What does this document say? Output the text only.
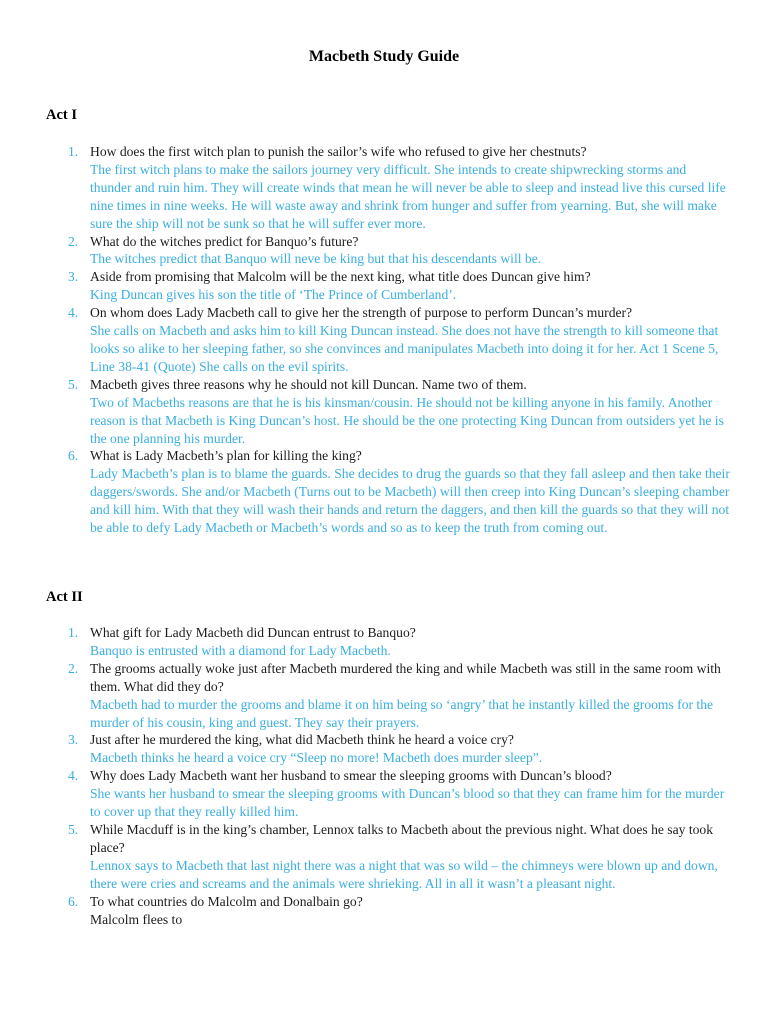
Macbeth Study Guide
Act I
1. How does the first witch plan to punish the sailor’s wife who refused to give her chestnuts?
The first witch plans to make the sailors journey very difficult. She intends to create shipwrecking storms and thunder and ruin him. They will create winds that mean he will never be able to sleep and instead live this cursed life nine times in nine weeks. He will waste away and shrink from hunger and suffer from yearning. But, she will make sure the ship will not be sunk so that he will suffer ever more.
2. What do the witches predict for Banquo’s future?
The witches predict that Banquo will neve be king but that his descendants will be.
3. Aside from promising that Malcolm will be the next king, what title does Duncan give him?
King Duncan gives his son the title of ‘The Prince of Cumberland’.
4. On whom does Lady Macbeth call to give her the strength of purpose to perform Duncan’s murder?
She calls on Macbeth and asks him to kill King Duncan instead. She does not have the strength to kill someone that looks so alike to her sleeping father, so she convinces and manipulates Macbeth into doing it for her. Act 1 Scene 5, Line 38-41 (Quote) She calls on the evil spirits.
5. Macbeth gives three reasons why he should not kill Duncan. Name two of them.
Two of Macbeths reasons are that he is his kinsman/cousin. He should not be killing anyone in his family. Another reason is that Macbeth is King Duncan’s host. He should be the one protecting King Duncan from outsiders yet he is the one planning his murder.
6. What is Lady Macbeth’s plan for killing the king?
Lady Macbeth’s plan is to blame the guards. She decides to drug the guards so that they fall asleep and then take their daggers/swords. She and/or Macbeth (Turns out to be Macbeth) will then creep into King Duncan’s sleeping chamber and kill him. With that they will wash their hands and return the daggers, and then kill the guards so that they will not be able to defy Lady Macbeth or Macbeth’s words and so as to keep the truth from coming out.
Act II
1. What gift for Lady Macbeth did Duncan entrust to Banquo?
Banquo is entrusted with a diamond for Lady Macbeth.
2. The grooms actually woke just after Macbeth murdered the king and while Macbeth was still in the same room with them. What did they do?
Macbeth had to murder the grooms and blame it on him being so ‘angry’ that he instantly killed the grooms for the murder of his cousin, king and guest. They say their prayers.
3. Just after he murdered the king, what did Macbeth think he heard a voice cry?
Macbeth thinks he heard a voice cry “Sleep no more! Macbeth does murder sleep”.
4. Why does Lady Macbeth want her husband to smear the sleeping grooms with Duncan’s blood?
She wants her husband to smear the sleeping grooms with Duncan’s blood so that they can frame him for the murder to cover up that they really killed him.
5. While Macduff is in the king’s chamber, Lennox talks to Macbeth about the previous night. What does he say took place?
Lennox says to Macbeth that last night there was a night that was so wild – the chimneys were blown up and down, there were cries and screams and the animals were shrieking. All in all it wasn’t a pleasant night.
6. To what countries do Malcolm and Donalbain go?
Malcolm flees to
